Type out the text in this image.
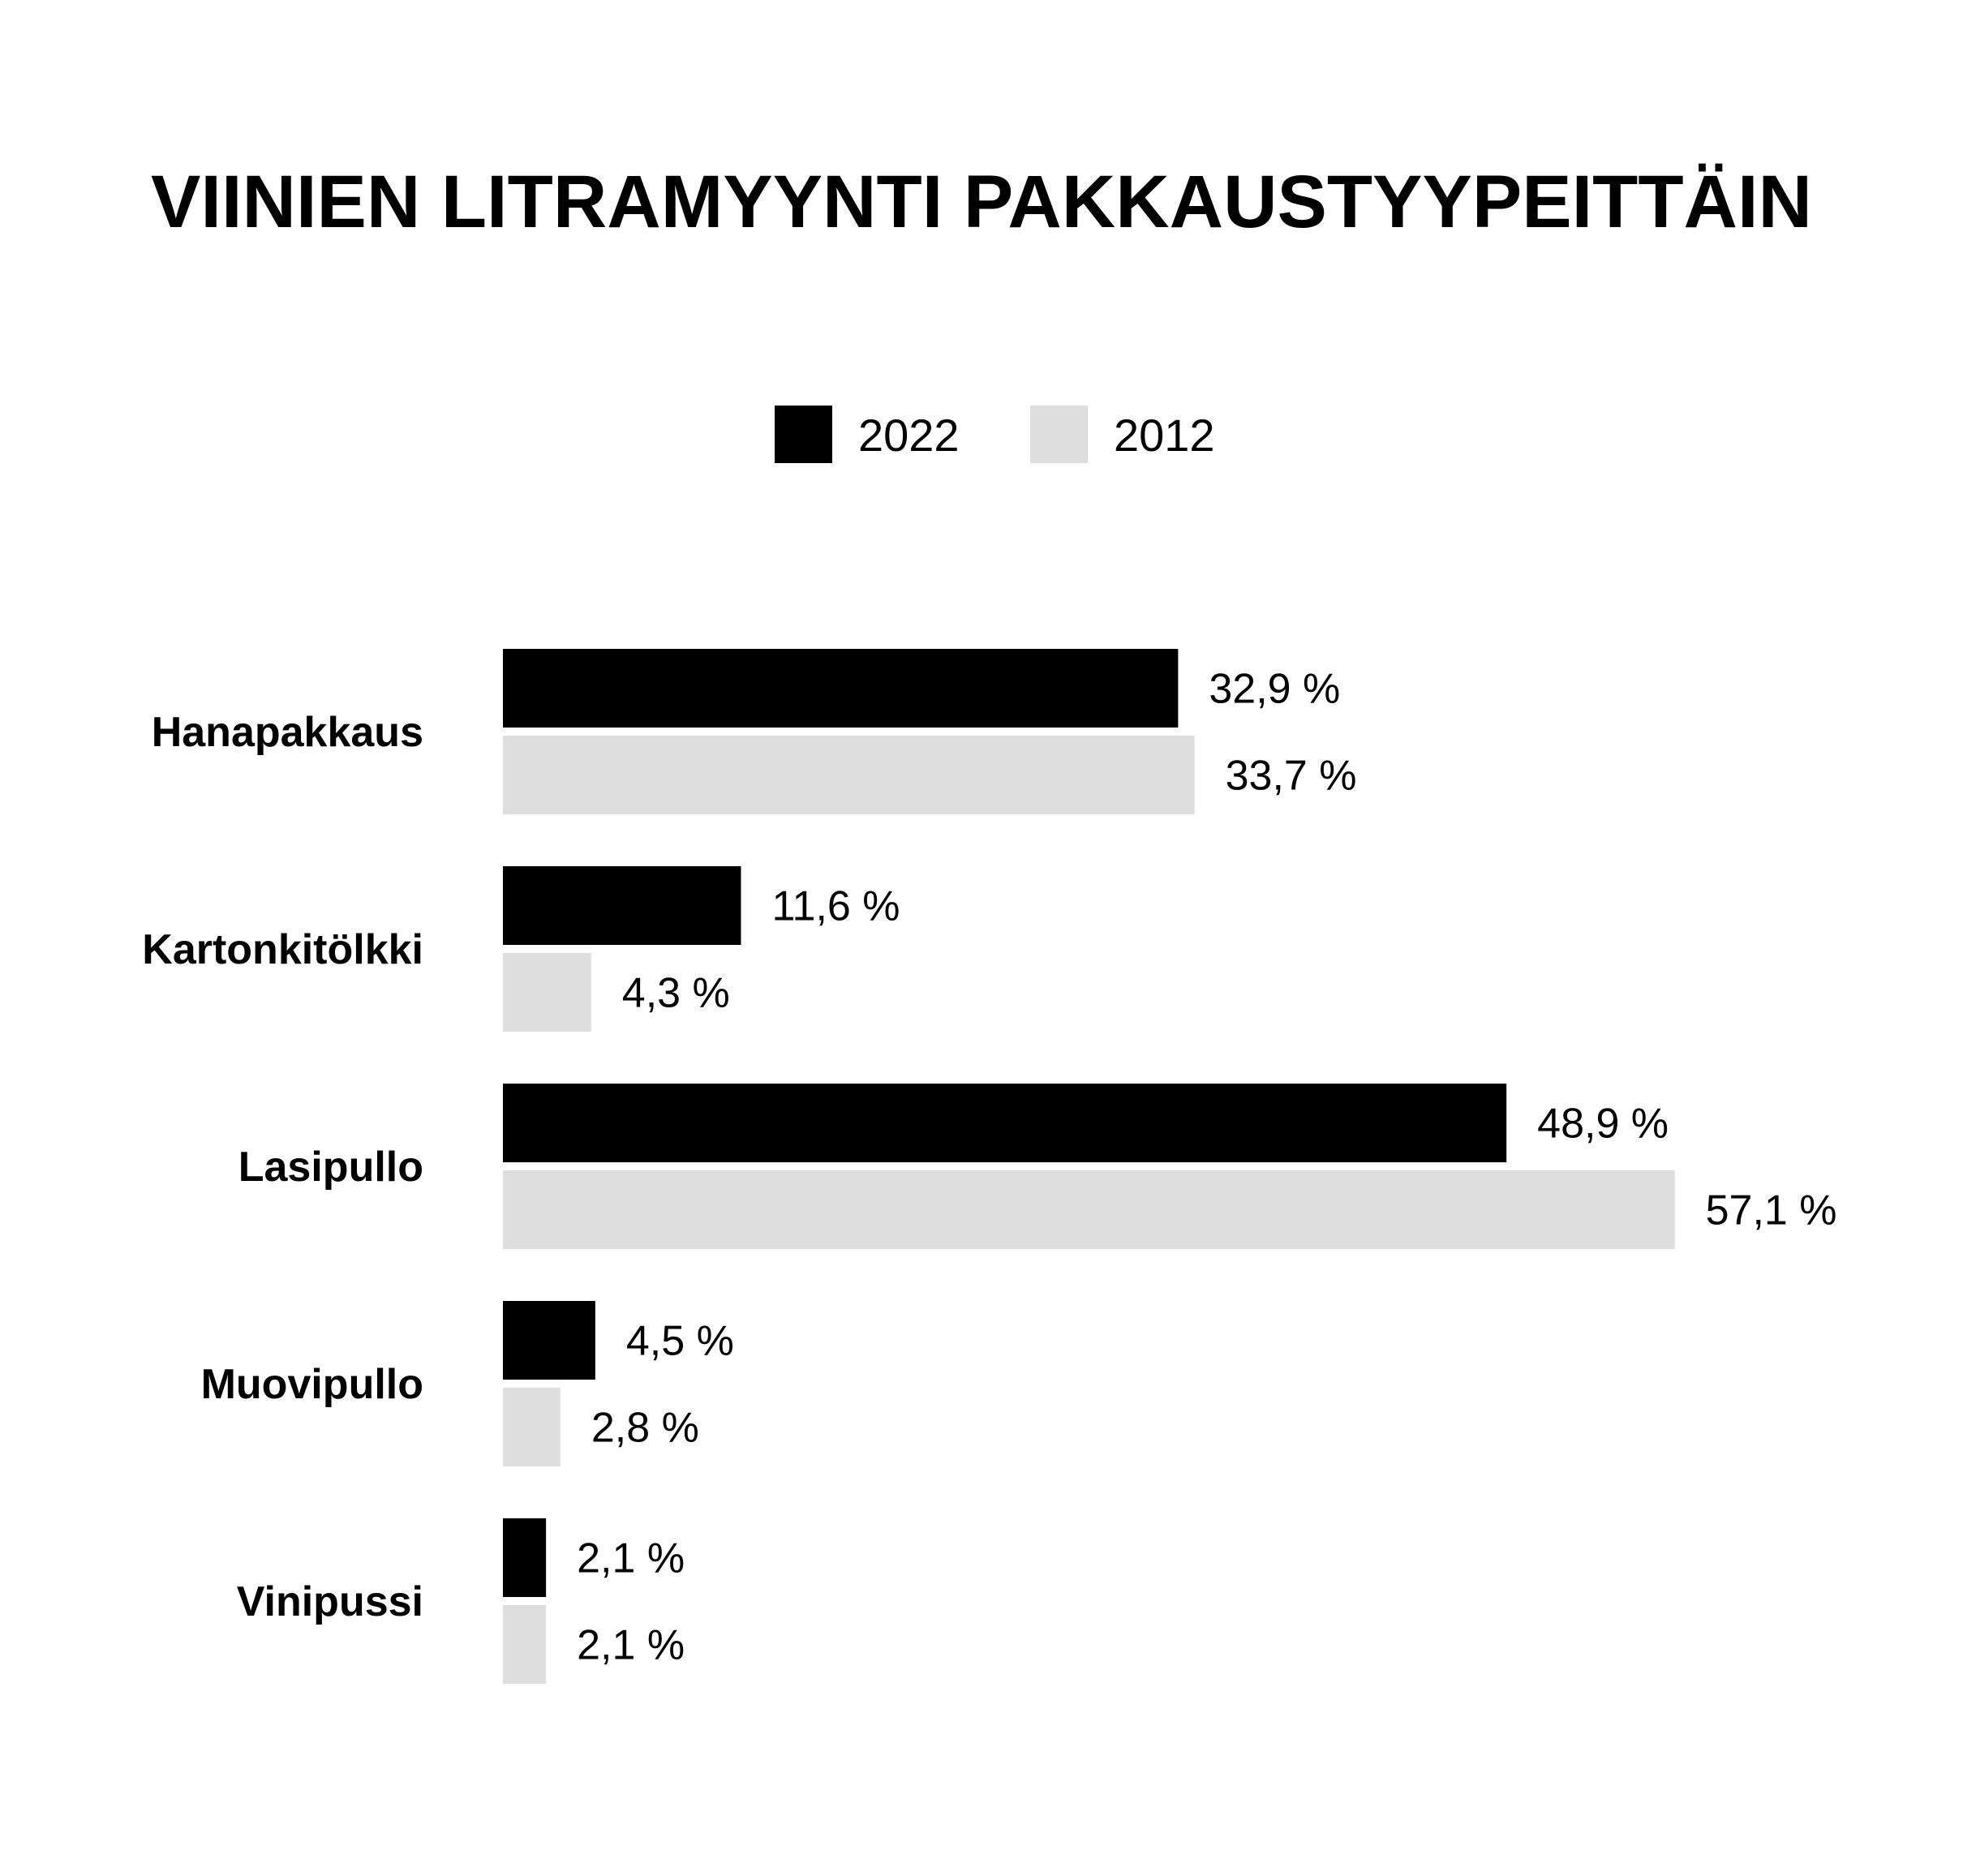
VIINIEN LITRAMYYNTI PAKKAUSTYYPEITTÄIN
2022	2012
Hanapakkaus
32,9 %
33,7 %
Kartonkitölkki
11,6 %
4,3 %
Lasipullo
48,9 %
57,1 %
Muovipullo
4,5 %
2,8 %
Vinipussi
2,1 %
2,1 %
